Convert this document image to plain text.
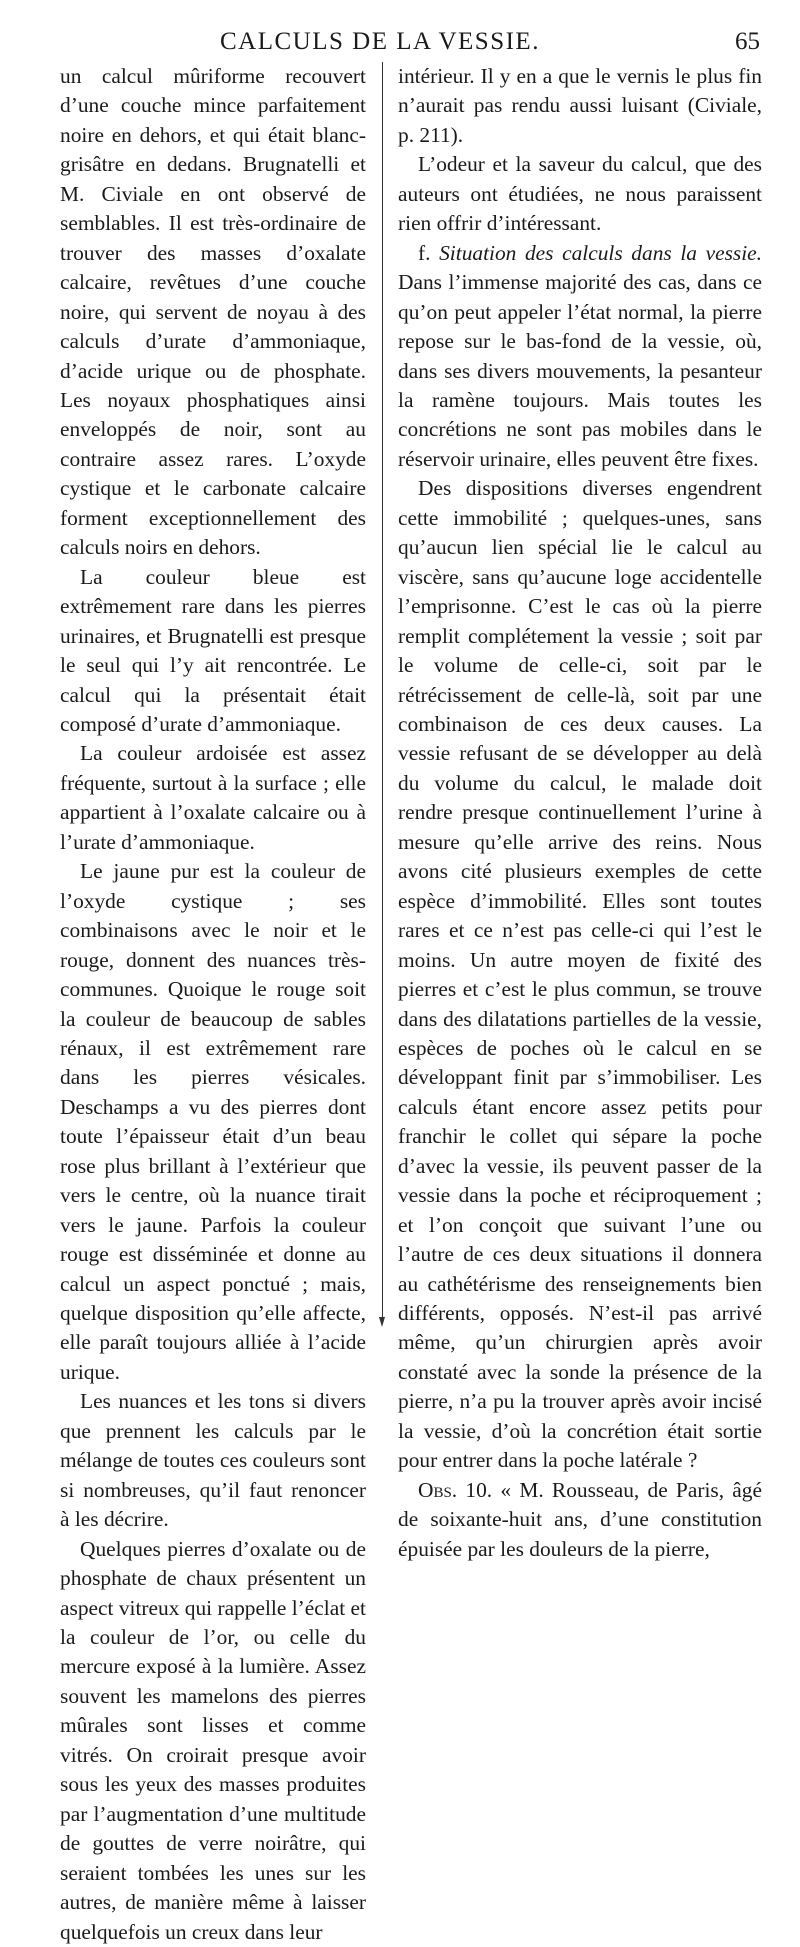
CALCULS DE LA VESSIE.	65

un calcul mûriforme recouvert d’une couche mince parfaitement noire en dehors, et qui était blanc-grisâtre en dedans. Brugnatelli et M. Civiale en ont observé de semblables. Il est très-ordinaire de trouver des masses d’oxalate calcaire, revêtues d’une couche noire, qui servent de noyau à des calculs d’urate d’ammoniaque, d’acide urique ou de phosphate. Les noyaux phosphatiques ainsi enveloppés de noir, sont au contraire assez rares. L’oxyde cystique et le carbonate calcaire forment exceptionnellement des calculs noirs en dehors.

La couleur bleue est extrêmement rare dans les pierres urinaires, et Brugnatelli est presque le seul qui l’y ait rencontrée. Le calcul qui la présentait était composé d’urate d’ammoniaque.

La couleur ardoisée est assez fréquente, surtout à la surface ; elle appartient à l’oxalate calcaire ou à l’urate d’ammoniaque.

Le jaune pur est la couleur de l’oxyde cystique ; ses combinaisons avec le noir et le rouge, donnent des nuances très-communes. Quoique le rouge soit la couleur de beaucoup de sables rénaux, il est extrêmement rare dans les pierres vésicales. Deschamps a vu des pierres dont toute l’épaisseur était d’un beau rose plus brillant à l’extérieur que vers le centre, où la nuance tirait vers le jaune. Parfois la couleur rouge est disséminée et donne au calcul un aspect ponctué ; mais, quelque disposition qu’elle affecte, elle paraît toujours alliée à l’acide urique.

Les nuances et les tons si divers que prennent les calculs par le mélange de toutes ces couleurs sont si nombreuses, qu’il faut renoncer à les décrire.

Quelques pierres d’oxalate ou de phosphate de chaux présentent un aspect vitreux qui rappelle l’éclat et la couleur de l’or, ou celle du mercure exposé à la lumière. Assez souvent les mamelons des pierres mûrales sont lisses et comme vitrés. On croirait presque avoir sous les yeux des masses produites par l’augmentation d’une multitude de gouttes de verre noirâtre, qui seraient tombées les unes sur les autres, de manière même à laisser quelquefois un creux dans leur

intérieur. Il y en a que le vernis le plus fin n’aurait pas rendu aussi luisant (Civiale, p. 211).

L’odeur et la saveur du calcul, que des auteurs ont étudiées, ne nous paraissent rien offrir d’intéressant.

f. Situation des calculs dans la vessie. Dans l’immense majorité des cas, dans ce qu’on peut appeler l’état normal, la pierre repose sur le bas-fond de la vessie, où, dans ses divers mouvements, la pesanteur la ramène toujours. Mais toutes les concrétions ne sont pas mobiles dans le réservoir urinaire, elles peuvent être fixes.

Des dispositions diverses engendrent cette immobilité ; quelques-unes, sans qu’aucun lien spécial lie le calcul au viscère, sans qu’aucune loge accidentelle l’emprisonne. C’est le cas où la pierre remplit complétement la vessie ; soit par le volume de celle-ci, soit par le rétrécissement de celle-là, soit par une combinaison de ces deux causes. La vessie refusant de se développer au delà du volume du calcul, le malade doit rendre presque continuellement l’urine à mesure qu’elle arrive des reins. Nous avons cité plusieurs exemples de cette espèce d’immobilité. Elles sont toutes rares et ce n’est pas celle-ci qui l’est le moins. Un autre moyen de fixité des pierres et c’est le plus commun, se trouve dans des dilatations partielles de la vessie, espèces de poches où le calcul en se développant finit par s’immobiliser. Les calculs étant encore assez petits pour franchir le collet qui sépare la poche d’avec la vessie, ils peuvent passer de la vessie dans la poche et réciproquement ; et l’on conçoit que suivant l’une ou l’autre de ces deux situations il donnera au cathétérisme des renseignements bien différents, opposés. N’est-il pas arrivé même, qu’un chirurgien après avoir constaté avec la sonde la présence de la pierre, n’a pu la trouver après avoir incisé la vessie, d’où la concrétion était sortie pour entrer dans la poche latérale ?

Obs. 10. « M. Rousseau, de Paris, âgé de soixante-huit ans, d’une constitution épuisée par les douleurs de la pierre,
